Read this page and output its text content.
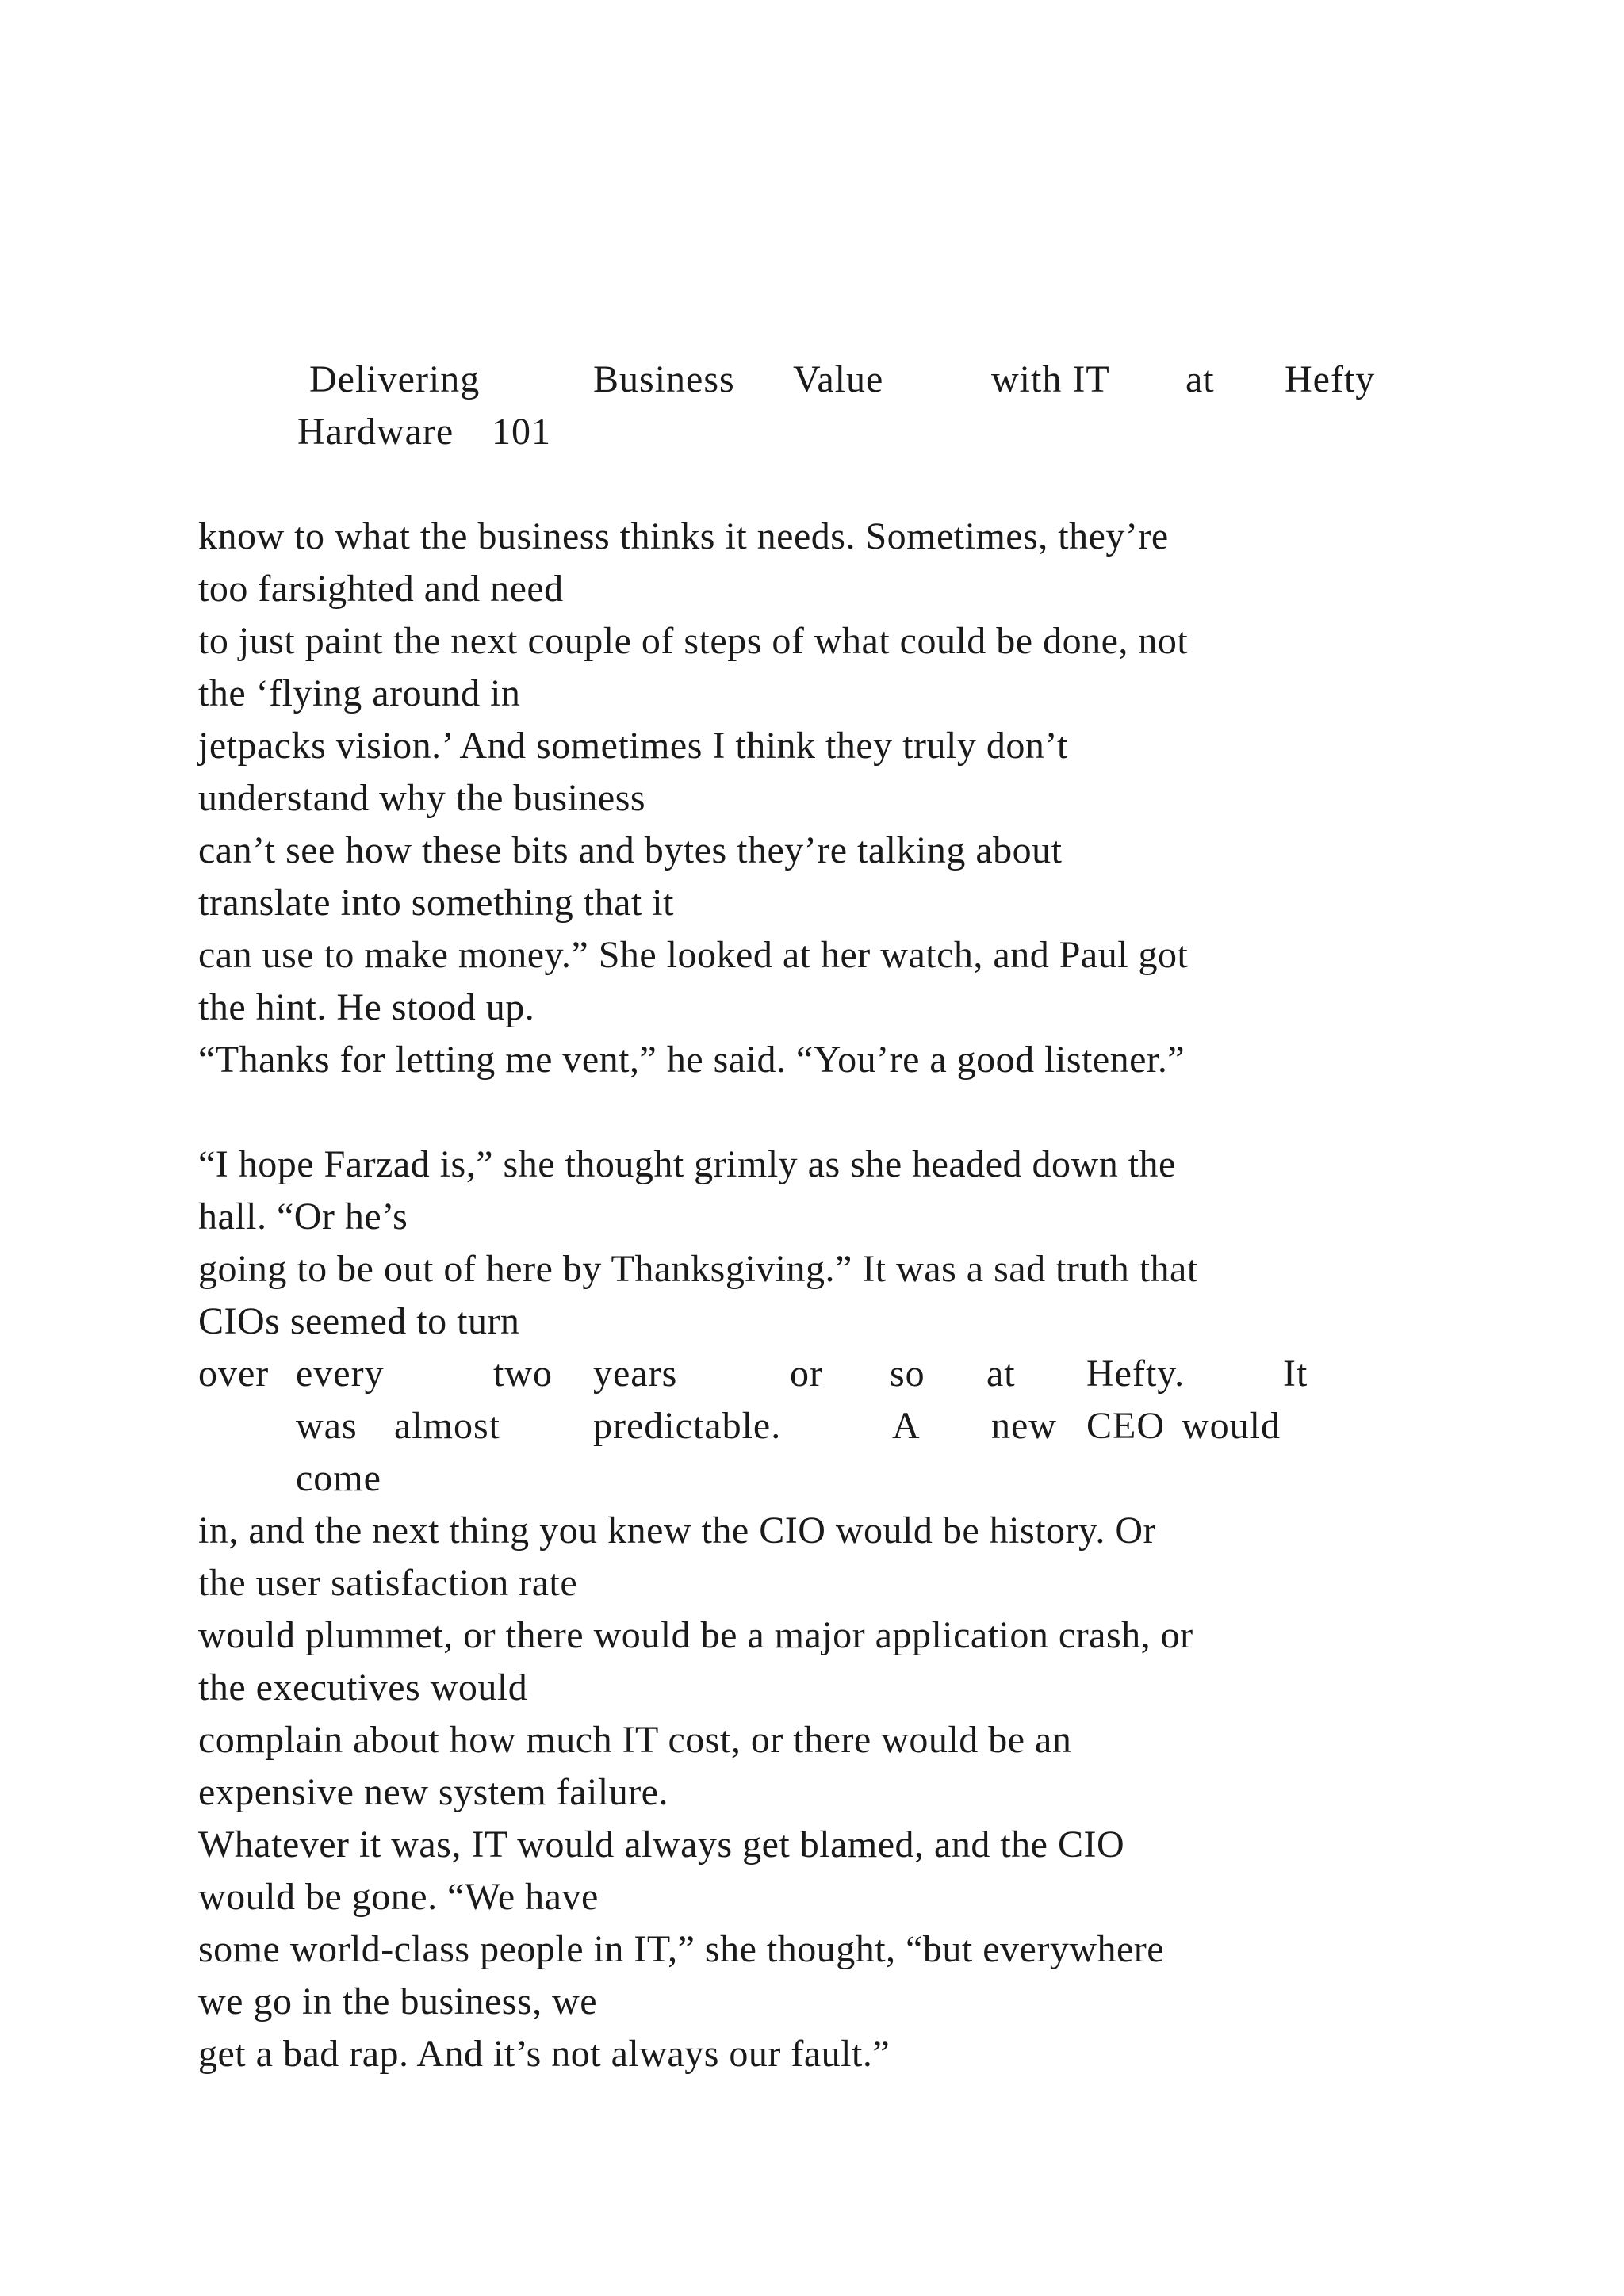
Delivering	Business Value	with IT at Hefty
Hardware 101

know to what the business thinks it needs. Sometimes, they’re

too farsighted and need

to just paint the next couple of steps of what could be done, not

the ‘flying around in

jetpacks vision.’ And sometimes I think they truly don’t

understand why the business

can’t see how these bits and bytes they’re talking about

translate into something that it

can use to make money.” She looked at her watch, and Paul got

the hint. He stood up.

“Thanks for letting me vent,” he said. “You’re a good listener.”

“I hope Farzad is,” she thought grimly as she headed down the

hall. “Or he’s

going to be out of here by Thanksgiving.” It was a sad truth that

CIOs seemed to turn

over every	two years	or so at Hefty.	It
was almost predictable.	A new CEO would
come

in, and the next thing you knew the CIO would be history. Or

the user satisfaction rate

would plummet, or there would be a major application crash, or

the executives would

complain about how much IT cost, or there would be an

expensive new system failure.

Whatever it was, IT would always get blamed, and the CIO

would be gone. “We have

some world-class people in IT,” she thought, “but everywhere

we go in the business, we

get a bad rap. And it’s not always our fault.”
